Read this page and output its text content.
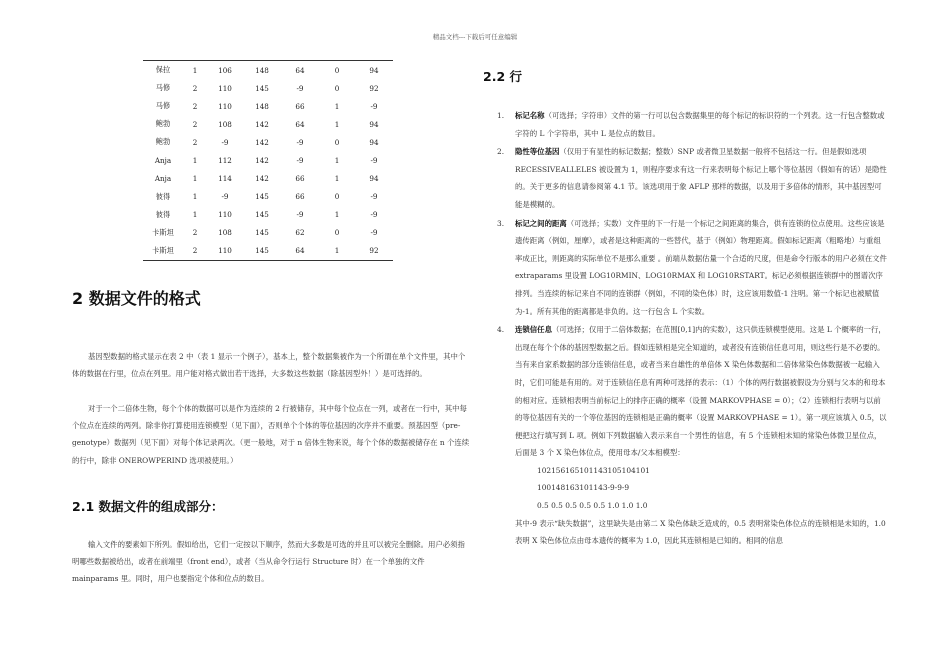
精品文档---下载后可任意编辑
保拉	1	106	148	64	0	94
马修	2	110	145	-9	0	92
马修	2	110	148	66	1	-9
鲍勃	2	108	142	64	1	94
鲍勃	2	-9	142	-9	0	94
Anja	1	112	142	-9	1	-9
Anja	1	114	142	66	1	94
彼得	1	-9	145	66	0	-9
彼得	1	110	145	-9	1	-9
卡斯坦	2	108	145	62	0	-9
卡斯坦	2	110	145	64	1	92
2 数据文件的格式

基因型数据的格式显示在表 2 中（表 1 显示一个例子），基本上，整个数据集被作为一个所谓在单个文件里，其中个体的数据在行里，位点在列里。用户能对格式做出若干选择，大多数这些数据（除基因型外！）是可选择的。

对于一个二倍体生物，每个个体的数据可以是作为连续的 2 行被储存，其中每个位点在一列，或者在一行中，其中每个位点在连续的两列。除非你打算使用连锁模型（见下面），否则单个个体的等位基因的次序并不重要。预基因型（pre-genotype）数据列（见下面）对每个体记录两次。（更一般地，对于 n 倍体生物来说，每个个体的数据被储存在 n 个连续的行中，除非 ONEROWPERIND 选项被使用。）

2.1 数据文件的组成部分：

输入文件的要素如下所列。假如给出，它们一定按以下顺序，然而大多数是可选的并且可以被完全删除。用户必须指明哪些数据被给出，或者在前端里（front end），或者（当从命令行运行 Structure 时）在一个单独的文件 mainparams 里。同时，用户也要指定个体和位点的数目。

2.2 行
1. 标记名称（可选择；字符串）文件的第一行可以包含数据集里的每个标记的标识符的一个列表。这一行包含整数或字符的 L 个字符串，其中 L 是位点的数目。
2. 隐性等位基因（仅用于有显性的标记数据；整数）SNP 或者微卫星数据一般将不包括这一行。但是假如选项 RECESSIVEALLELES 被设置为 1，则程序要求有这一行来表明每个标记上哪个等位基因（假如有的话）是隐性的。关于更多的信息请参阅第 4.1 节。该选项用于象 AFLP 那样的数据，以及用于多倍体的情形，其中基因型可能是模糊的。
3. 标记之间的距离（可选择；实数）文件里的下一行是一个标记之间距离的集合，供有连锁的位点使用。这些应该是遗传距离（例如，厘摩），或者是这种距离的一些替代，基于（例如）物理距离。假如标记距离（粗略地）与重组率成正比，则距离的实际单位不是那么重要 。前端从数据估量一个合适的尺度，但是命令行版本的用户必须在文件 extraparams 里设置 LOG10RMIN、LOG10RMAX 和 LOG10RSTART。标记必须根据连锁群中的图谱次序排列。当连续的标记来自不同的连锁群（例如，不同的染色体）时，这应该用数值-1 注明。第一个标记也被赋值为-1。所有其他的距离都是非负的。这一行包含 L 个实数。
4. 连锁信任息（可选择；仅用于二倍体数据；在范围[0,1]内的实数），这只供连锁模型使用。这是 L 个概率的一行，出现在每个个体的基因型数据之后。假如连锁相是完全知道的，或者没有连锁信任息可用，则这些行是不必要的。当有来自家系数据的部分连锁信任息，或者当来自雄性的单倍体 X 染色体数据和二倍体常染色体数据被一起输入时，它们可能是有用的。对于连锁信任息有两种可选择的表示：（1）个体的两行数据被假设为分别与父本的和母本的相对应。连锁相表明当前标记上的排序正确的概率（设置 MARKOVPHASE = 0）；（2）连锁相行表明与以前的等位基因有关的一个等位基因的连锁相是正确的概率（设置 MARKOVPHASE = 1）。第一项应该填入 0.5，以便把这行填写到 L 项。例如下列数据输入表示来自一个男性的信息，有 5 个连锁相未知的常染色体微卫星位点，后面是 3 个 X 染色体位点，使用母本/父本相模型：
102156165101143105104101
100148163101143-9-9-9
0.5 0.5 0.5 0.5 0.5 1.0 1.0 1.0
其中-9 表示“缺失数据”，这里缺失是由第二 X 染色体缺乏造成的，0.5 表明常染色体位点的连锁相是未知的，1.0 表明 X 染色体位点由母本遗传的概率为 1.0，因此其连锁相是已知的。相同的信息
